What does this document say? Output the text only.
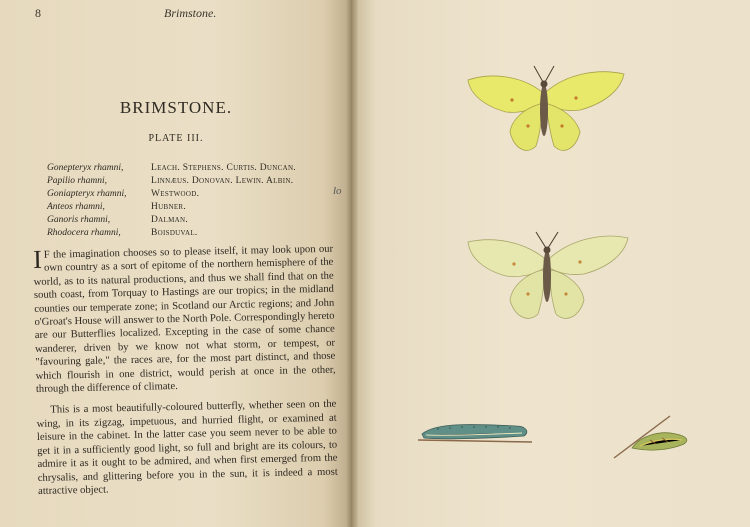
8	Brimstone.
BRIMSTONE.
PLATE III.
Gonepteryx rhamni,	Leach. Stephens. Curtis. Duncan.
Papilio rhamni,	Linnæus. Donovan. Lewin. Albin.
Goniapteryx rhamni,	Westwood.
Anteos rhamni,	Hubner.
Ganoris rhamni,	Dalman.
Rhodocera rhamni,	Boisduval.
lo

I F the imagination chooses so to please itself, it may look upon our own country as a sort of epitome of the northern hemisphere of the world, as to its natural productions, and thus we shall find that on the south coast, from Torquay to Hastings are our tropics; in the midland counties our temperate zone; in Scotland our Arctic regions; and John o'Groat's House will answer to the North Pole. Correspondingly hereto are our Butterflies localized. Excepting in the case of some chance wanderer, driven by we know not what storm, or tempest, or "favouring gale," the races are, for the most part distinct, and those which flourish in one district, would perish at once in the other, through the difference of climate.

This is a most beautifully-coloured butterfly, whether seen on the wing, in its zigzag, impetuous, and hurried flight, or examined at leisure in the cabinet. In the latter case you seem never to be able to get it in a sufficiently good light, so full and bright are its colours, to admire it as it ought to be admired, and when first emerged from the chrysalis, and glittering before you in the sun, it is indeed a most attractive object.
